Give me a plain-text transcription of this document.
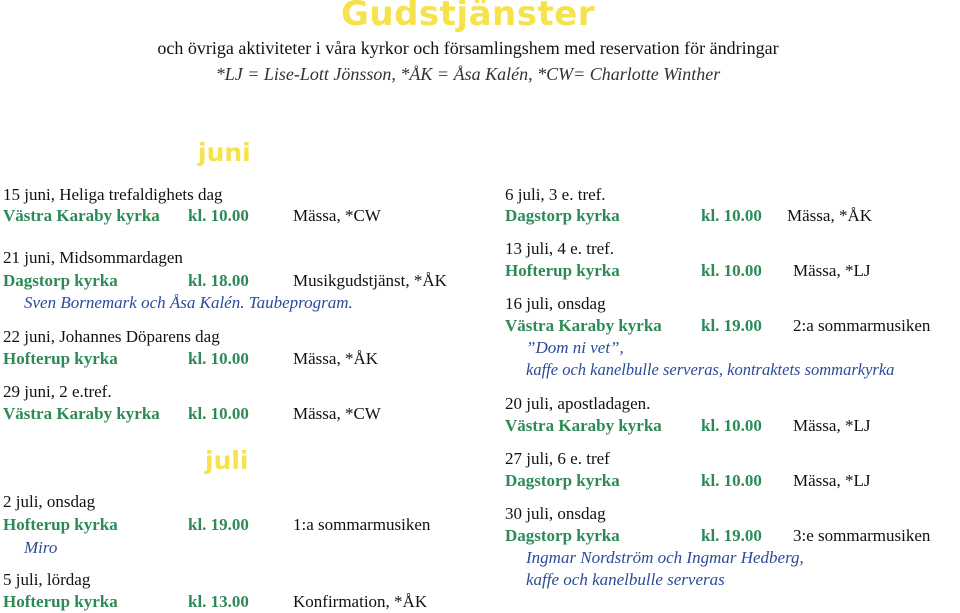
Gudstjänster
och övriga aktiviteter i våra kyrkor och församlingshem med reservation för ändringar
*LJ = Lise-Lott Jönsson, *ÅK = Åsa Kalén, *CW= Charlotte Winther
juni
15 juni, Heliga trefaldighets dag
Västra Karaby kyrka kl. 10.00	Mässa, *CW
21 juni, Midsommardagen
Dagstorp kyrka	kl. 18.00	Musikgudstjänst, *ÅK
Sven Bornemark och Åsa Kalén. Taubeprogram.
22 juni, Johannes Döparens dag
Hofterup kyrka	kl. 10.00	Mässa, *ÅK
29 juni, 2 e.tref.
Västra Karaby kyrka kl. 10.00	Mässa, *CW
juli
2 juli, onsdag
Hofterup kyrka	kl. 19.00	1:a sommarmusiken
Miro
5 juli, lördag
Hofterup kyrka	kl. 13.00	Konfirmation, *ÅK
6 juli, 3 e. tref.
Dagstorp kyrka	kl. 10.00 Mässa, *ÅK
13 juli, 4 e. tref.
Hofterup kyrka	kl. 10.00 Mässa, *LJ
16 juli, onsdag
Västra Karaby kyrka kl. 19.00 2:a sommarmusiken
”Dom ni vet”,
kaffe och kanelbulle serveras, kontraktets sommarkyrka
20 juli, apostladagen.
Västra Karaby kyrka kl. 10.00 Mässa, *LJ
27 juli, 6 e. tref
Dagstorp kyrka	kl. 10.00 Mässa, *LJ
30 juli, onsdag
Dagstorp kyrka	kl. 19.00 3:e sommarmusiken
Ingmar Nordström och Ingmar Hedberg,
kaffe och kanelbulle serveras
